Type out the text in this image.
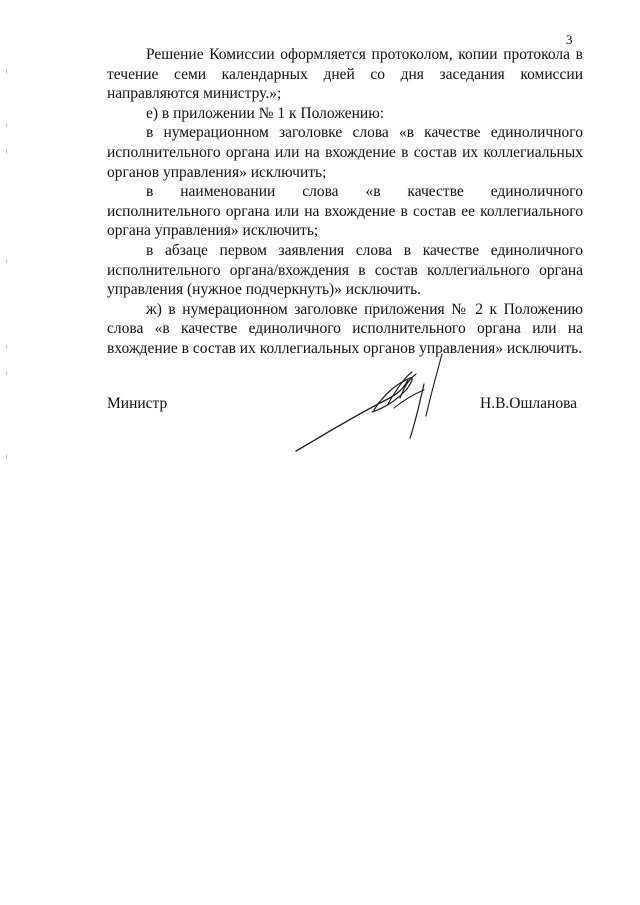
3

Решение Комиссии оформляется протоколом, копии протокола в течение семи календарных дней со дня заседания комиссии направляются министру.»;

е) в приложении № 1 к Положению:

в нумерационном заголовке слова «в качестве единоличного исполнительного органа или на вхождение в состав их коллегиальных органов управления» исключить;

в наименовании слова «в качестве единоличного исполнительного органа или на вхождение в состав ее коллегиального органа управления» исключить;

в абзаце первом заявления слова в качестве единоличного исполнительного органа/вхождения в состав коллегиального органа управления (нужное подчеркнуть)» исключить.

ж) в нумерационном заголовке приложения № 2 к Положению слова «в качестве единоличного исполнительного органа или на вхождение в состав их коллегиальных органов управления» исключить.

Министр	Н.В.Ошланова
